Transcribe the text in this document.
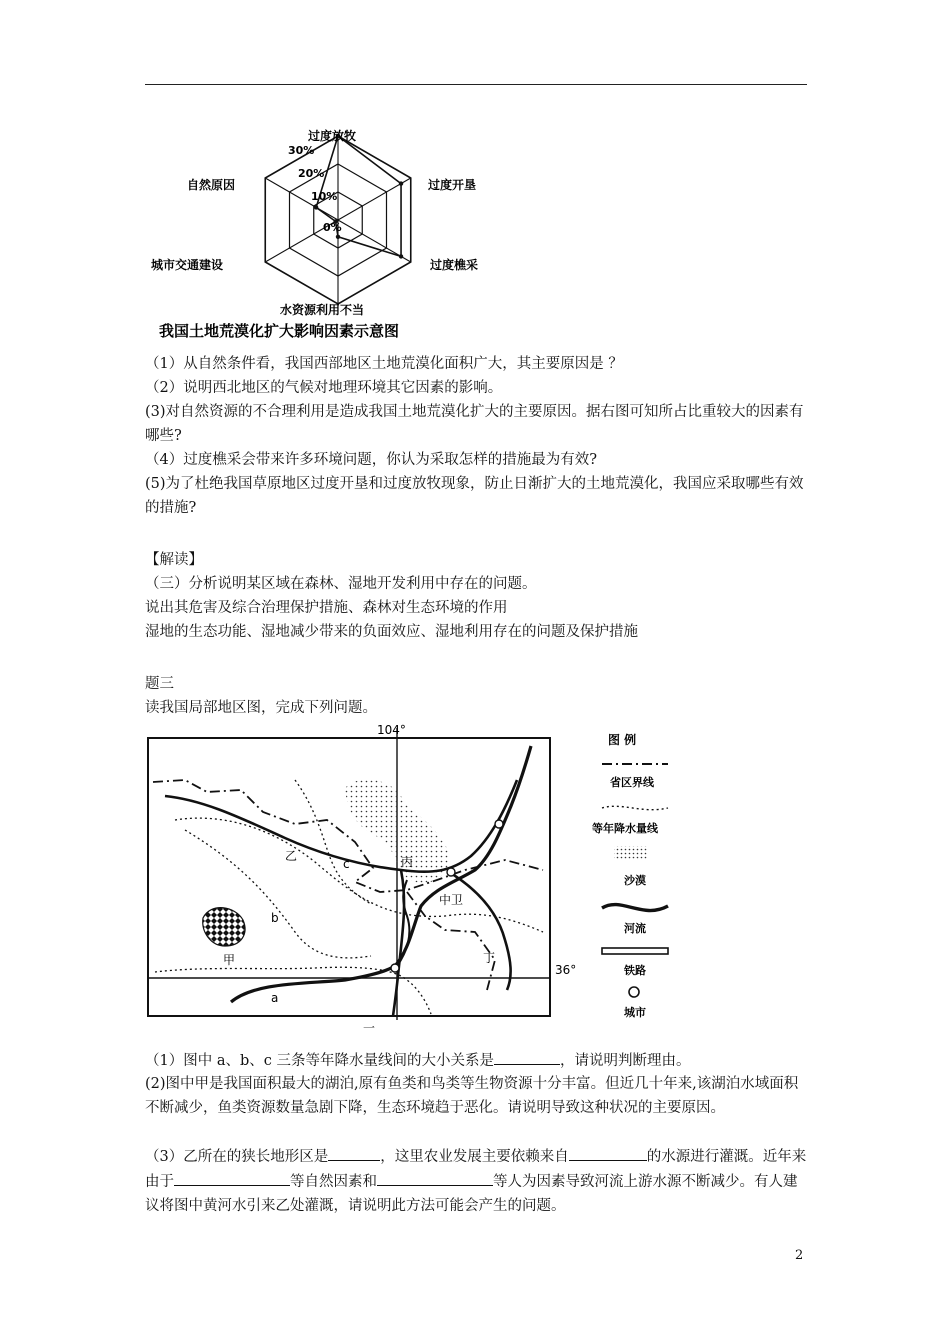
30%
20%
10%
0%
过度放牧
过度开垦
过度樵采
水资源利用不当
城市交通建设
自然原因
我国土地荒漠化扩大影响因素示意图

（1）从自然条件看，我国西部地区土地荒漠化面积广大，其主要原因是 ？

（2）说明西北地区的气候对地理环境其它因素的影响。

(3)对自然资源的不合理利用是造成我国土地荒漠化扩大的主要原因。据右图可知所占比重较大的因素有哪些?

（4）过度樵采会带来许多环境问题，你认为采取怎样的措施最为有效?

(5)为了杜绝我国草原地区过度开垦和过度放牧现象，防止日渐扩大的土地荒漠化，我国应采取哪些有效的措施?

【解读】

（三）分析说明某区域在森林、湿地开发利用中存在的问题。

说出其危害及综合治理保护措施、森林对生态环境的作用

湿地的生态功能、湿地减少带来的负面效应、湿地利用存在的问题及保护措施

题三

读我国局部地区图，完成下列问题。

104°
36°
甲
乙	丙
丁
中卫
a
b
c
一
图 例
省区界线
等年降水量线
沙漠
河流
铁路
城市

（1）图中 a、b、c 三条等年降水量线间的大小关系是	，请说明判断理由。

(2)图中甲是我国面积最大的湖泊,原有鱼类和鸟类等生物资源十分丰富。但近几十年来,该湖泊水域面积不断减少，鱼类资源数量急剧下降，生态环境趋于恶化。请说明导致这种状况的主要原因。

（3）乙所在的狭长地形区是	，这里农业发展主要依赖来自	的水源进行灌溉。近年来由于	等自然因素和	等人为因素导致河流上游水源不断减少。有人建议将图中黄河水引来乙处灌溉，请说明此方法可能会产生的问题。

2
